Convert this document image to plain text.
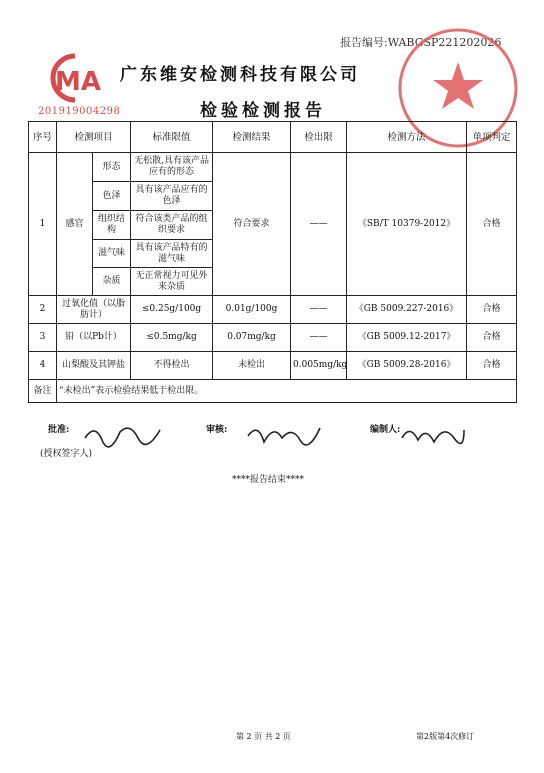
报告编号:WABGSP221202026
MA
201919004298
广东维安检测科技有限公司
检验检测报告
序号	检测项目		标准限值	检测结果	检出限	检测方法	单项判定
1	感官	形态	无松散,具有该产品应有的形态	符合要求	——	《SB/T 10379-2012》	合格
		色泽	具有该产品应有的色泽				
		组织结构	符合该类产品的组织要求				
		滋气味	具有该产品特有的滋气味				
		杂质	无正常视力可见外来杂质				
2	过氧化值（以脂肪计）		≤0.25g/100g	0.01g/100g	——	《GB 5009.227-2016》	合格
3	铅（以Pb计）		≤0.5mg/kg	0.07mg/kg	——	《GB 5009.12-2017》	合格
4	山梨酸及其钾盐		不得检出	未检出	0.005mg/kg	《GB 5009.28-2016》	合格
备注	“未检出”表示检验结果低于检出限。						
批准:	审核:	编制人:
(授权签字人)
****报告结束****
第 2 页 共 2 页	第2版第4次修订
